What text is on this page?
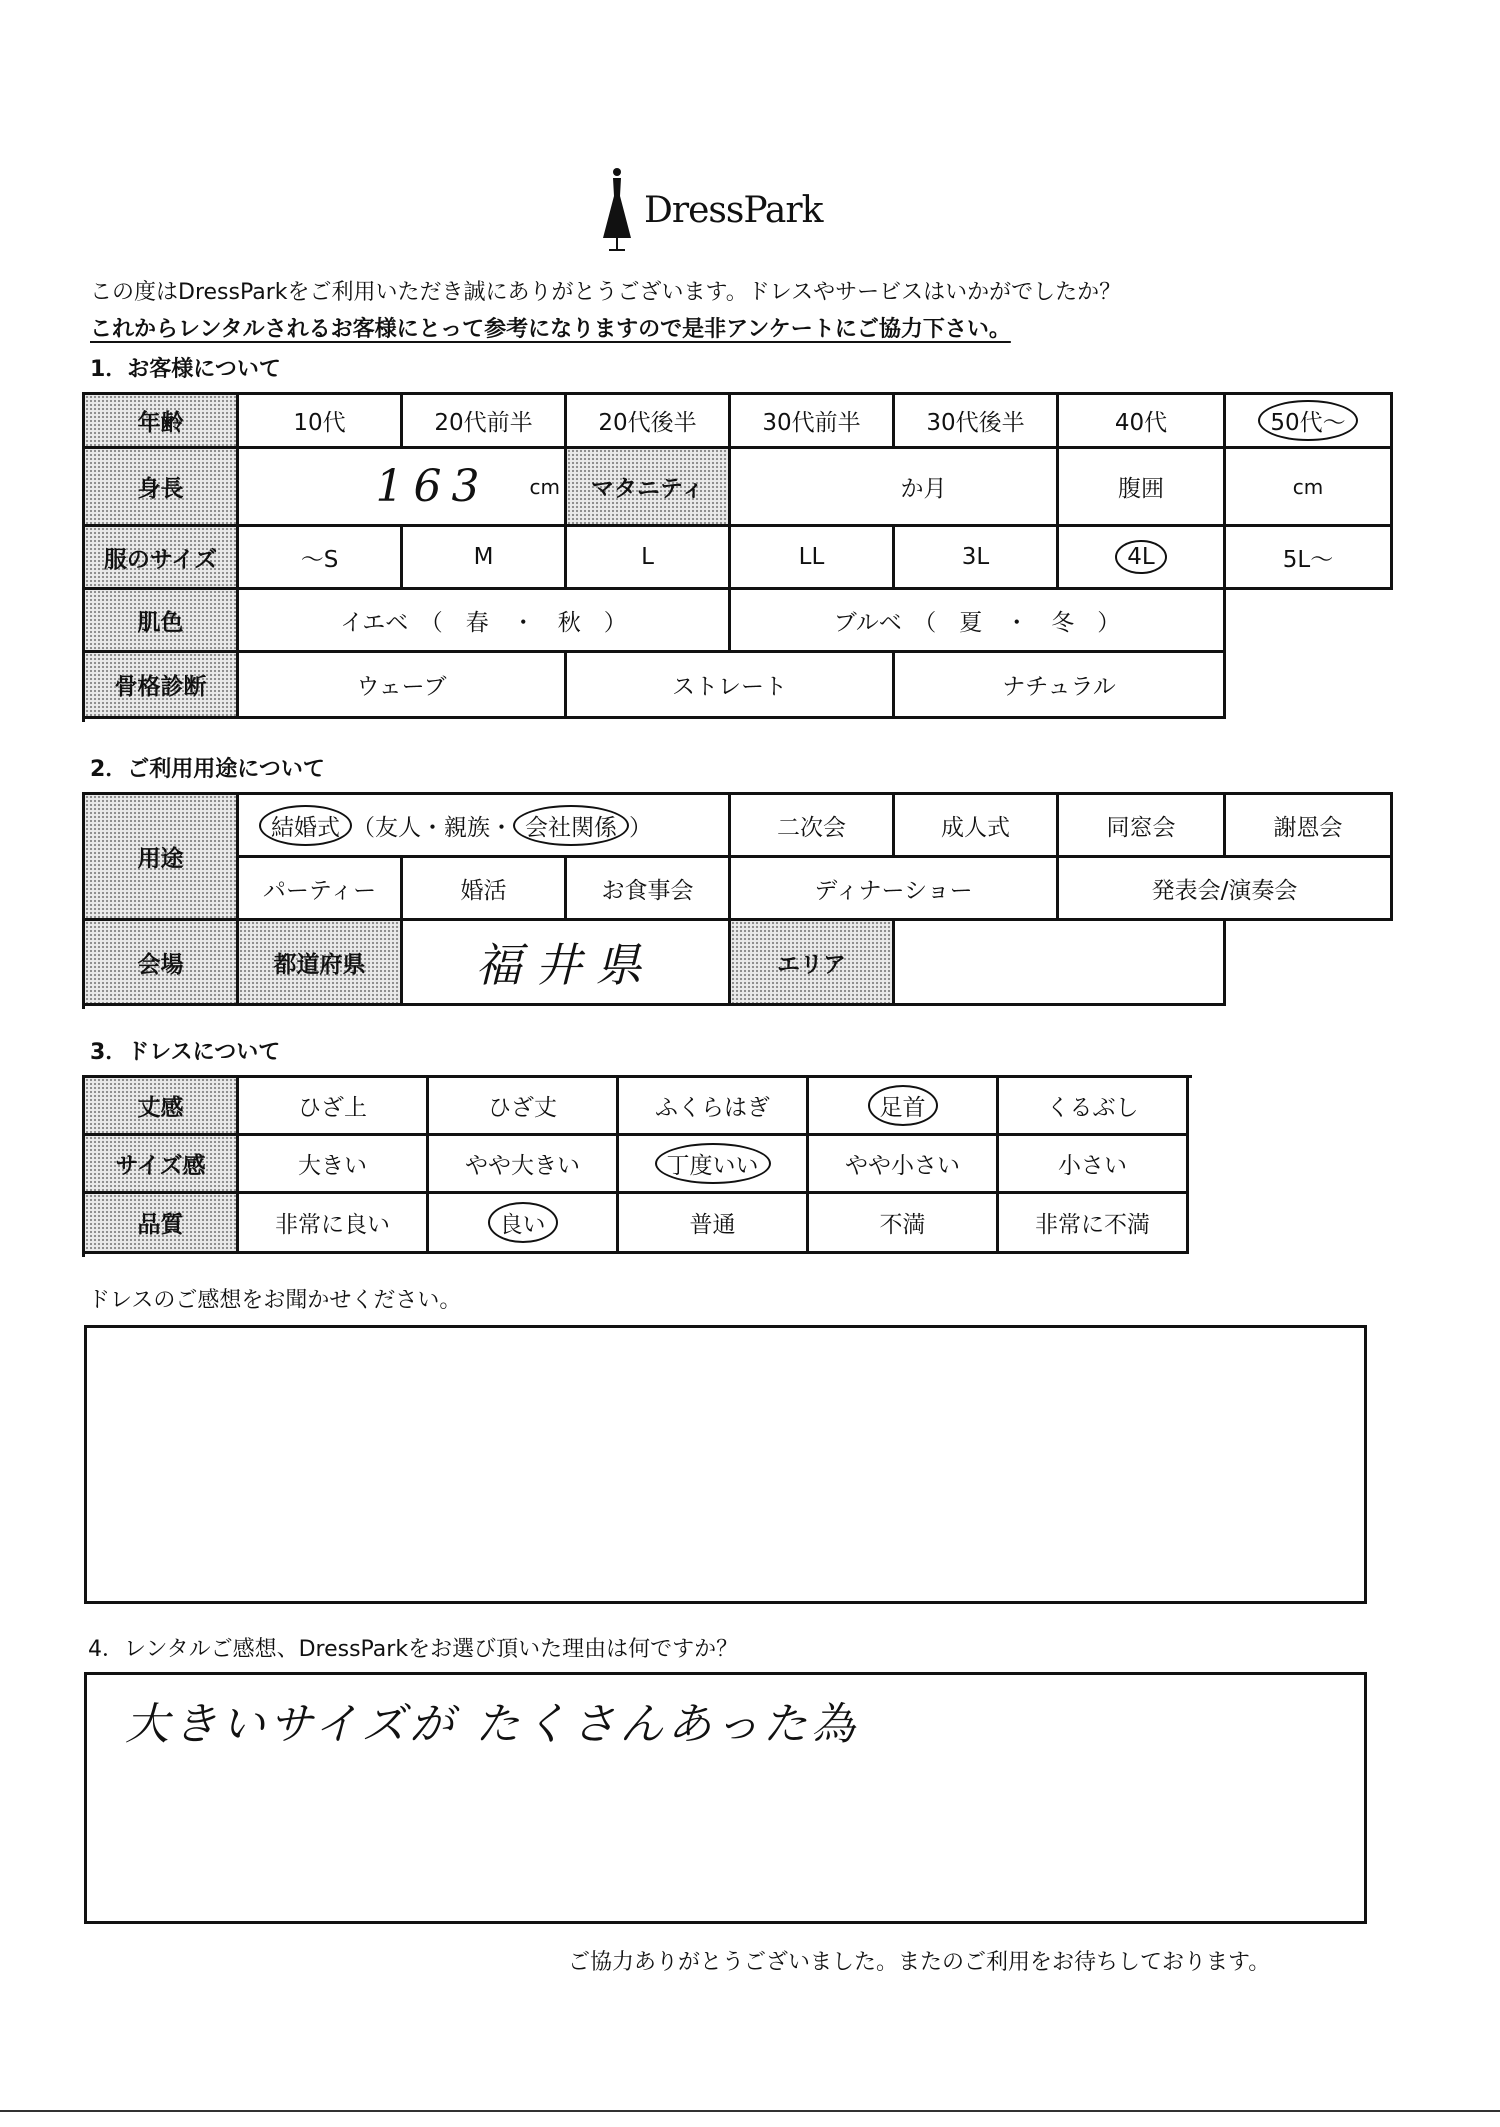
DressPark
この度はDressParkをご利用いただき誠にありがとうございます。ドレスやサービスはいかがでしたか？
これからレンタルされるお客様にとって参考になりますので是非アンケートにご協力下さい。
1．お客様について
年齢	10代	20代前半	20代後半	30代前半	30代後半	40代	50代～
身長	163 cm	マタニティ	か月	腹囲	cm
服のサイズ	～S	M	L	LL	3L	4L	5L～
肌色	イエベ　（　春　・　秋　）	ブルベ　（　夏　・　冬　）
骨格診断	ウェーブ	ストレート	ナチュラル
2．ご利用用途について
用途
結婚式 （ 友人・親族・ 会社関係 ）	二次会	成人式	同窓会	謝恩会
パーティー	婚活	お食事会	ディナーショー	発表会/演奏会
会場	都道府県	福井県	エリア
3．ドレスについて
丈感	ひざ上	ひざ丈	ふくらはぎ	足首	くるぶし
サイズ感	大きい	やや大きい	丁度いい	やや小さい	小さい
品質	非常に良い	良い	普通	不満	非常に不満
ドレスのご感想をお聞かせください。
4．レンタルご感想、DressParkをお選び頂いた理由は何ですか？
大きいサイズが たくさんあった為
ご協力ありがとうございました。またのご利用をお待ちしております。
